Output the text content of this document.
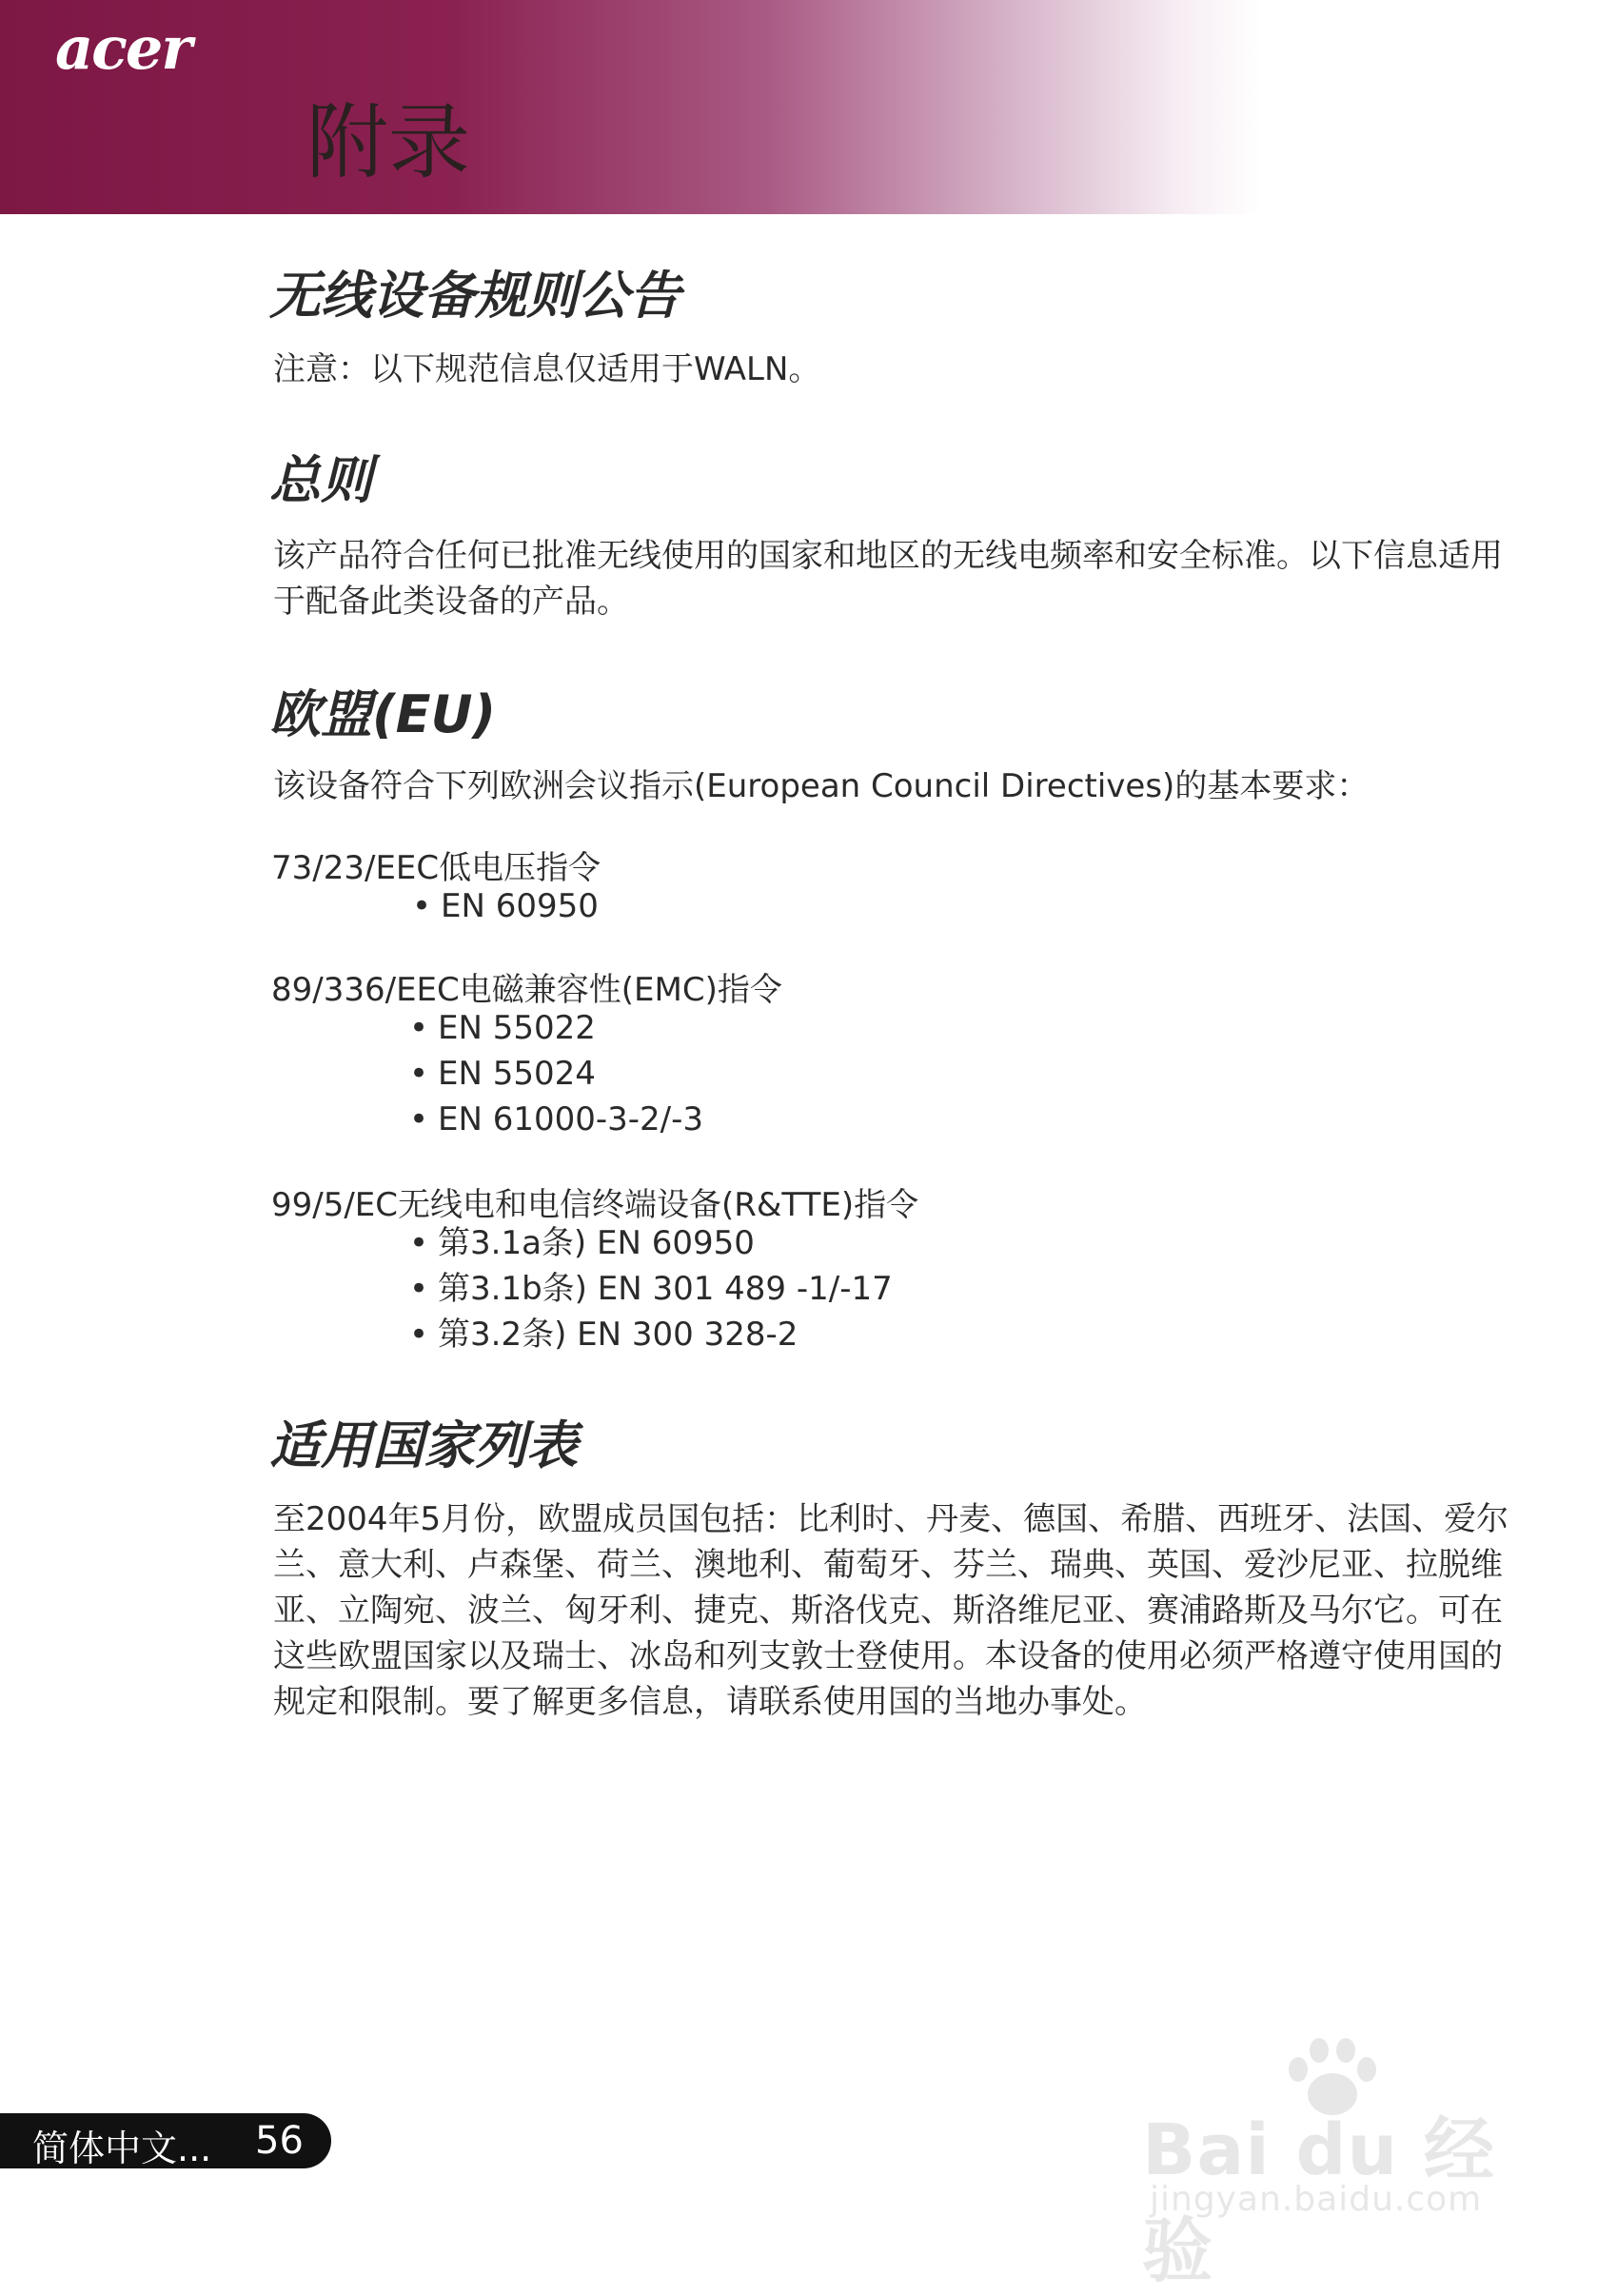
acer
附录
无线设备规则公告
注意：以下规范信息仅适用于WALN。
总则
该产品符合任何已批准无线使用的国家和地区的无线电频率和安全标准。以下信息适用于配备此类设备的产品。
欧盟(EU)
该设备符合下列欧洲会议指示(European Council Directives)的基本要求：
73/23/EEC低电压指令
• EN 60950
89/336/EEC电磁兼容性(EMC)指令
• EN 55022
• EN 55024
• EN 61000-3-2/-3
99/5/EC无线电和电信终端设备(R&TTE)指令
• 第3.1a条) EN 60950
• 第3.1b条) EN 301 489 -1/-17
• 第3.2条) EN 300 328-2
适用国家列表
至2004年5月份，欧盟成员国包括：比利时、丹麦、德国、希腊、西班牙、法国、爱尔兰、意大利、卢森堡、荷兰、澳地利、葡萄牙、芬兰、瑞典、英国、爱沙尼亚、拉脱维亚、立陶宛、波兰、匈牙利、捷克、斯洛伐克、斯洛维尼亚、赛浦路斯及马尔它。可在这些欧盟国家以及瑞士、冰岛和列支敦士登使用。本设备的使用必须严格遵守使用国的规定和限制。要了解更多信息，请联系使用国的当地办事处。
简体中文... 56	Bai du 经验
jingyan.baidu.com
